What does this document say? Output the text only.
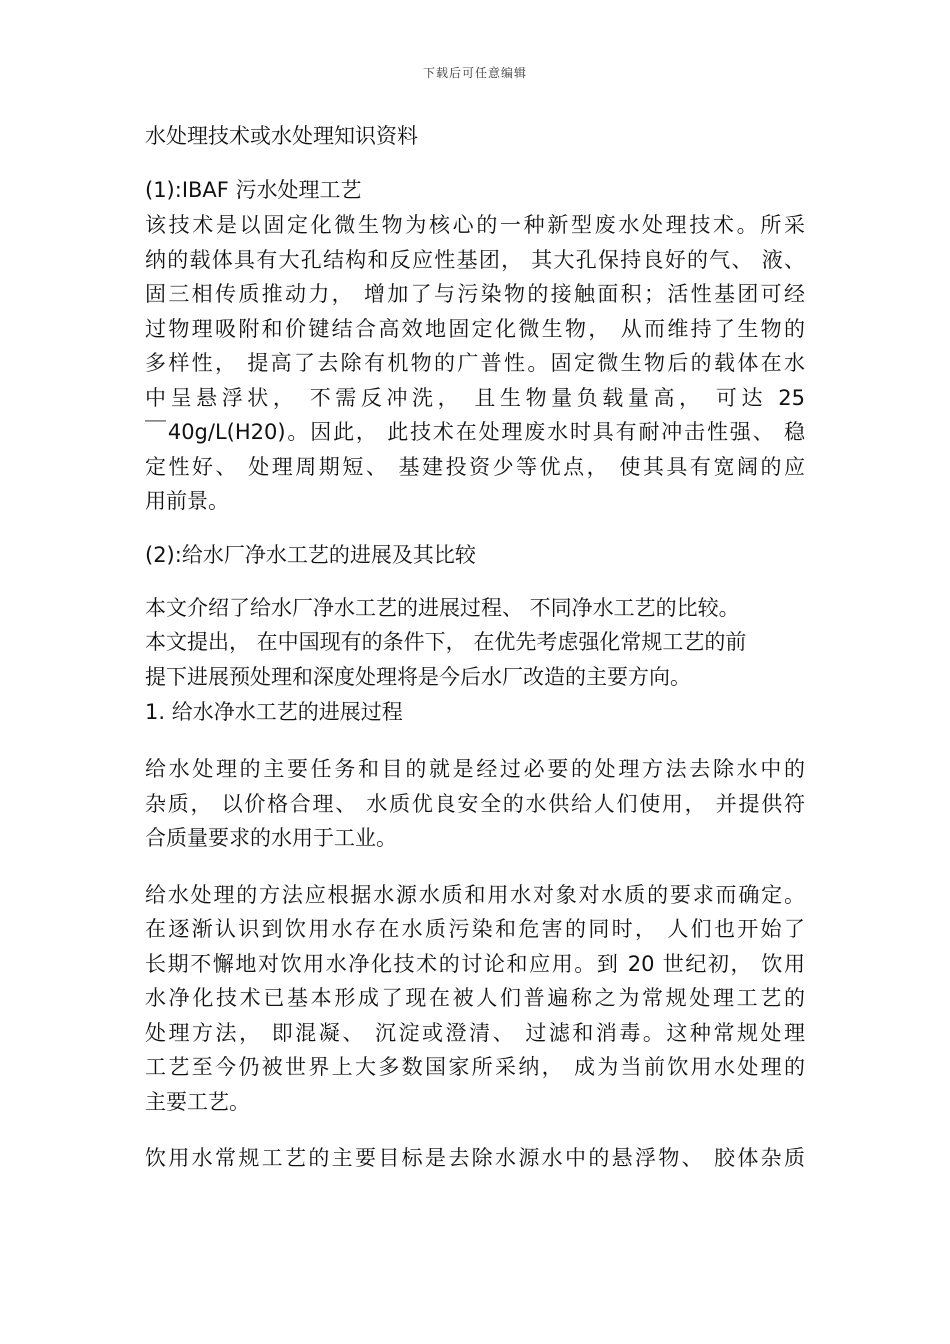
下载后可任意编辑
水处理技术或水处理知识资料
(1):IBAF 污水处理工艺
该技术是以固定化微生物为核心的一种新型废水处理技术。所采
纳的载体具有大孔结构和反应性基团， 其大孔保持良好的气、 液、
固三相传质推动力， 增加了与污染物的接触面积；活性基团可经
过物理吸附和价键结合高效地固定化微生物， 从而维持了生物的
多样性， 提高了去除有机物的广普性。固定微生物后的载体在水
中呈悬浮状， 不需反冲洗， 且生物量负载量高， 可达 25
￣40g/L(H20)。因此， 此技术在处理废水时具有耐冲击性强、 稳
定性好、 处理周期短、 基建投资少等优点， 使其具有宽阔的应
用前景。
(2):给水厂净水工艺的进展及其比较
本文介绍了给水厂净水工艺的进展过程、 不同净水工艺的比较。
本文提出， 在中国现有的条件下， 在优先考虑强化常规工艺的前
提下进展预处理和深度处理将是今后水厂改造的主要方向。
1. 给水净水工艺的进展过程
给水处理的主要任务和目的就是经过必要的处理方法去除水中的
杂质， 以价格合理、 水质优良安全的水供给人们使用， 并提供符
合质量要求的水用于工业。
给水处理的方法应根据水源水质和用水对象对水质的要求而确定。
在逐渐认识到饮用水存在水质污染和危害的同时， 人们也开始了
长期不懈地对饮用水净化技术的讨论和应用。到 20 世纪初， 饮用
水净化技术已基本形成了现在被人们普遍称之为常规处理工艺的
处理方法， 即混凝、 沉淀或澄清、 过滤和消毒。这种常规处理
工艺至今仍被世界上大多数国家所采纳， 成为当前饮用水处理的
主要工艺。
饮用水常规工艺的主要目标是去除水源水中的悬浮物、 胶体杂质
